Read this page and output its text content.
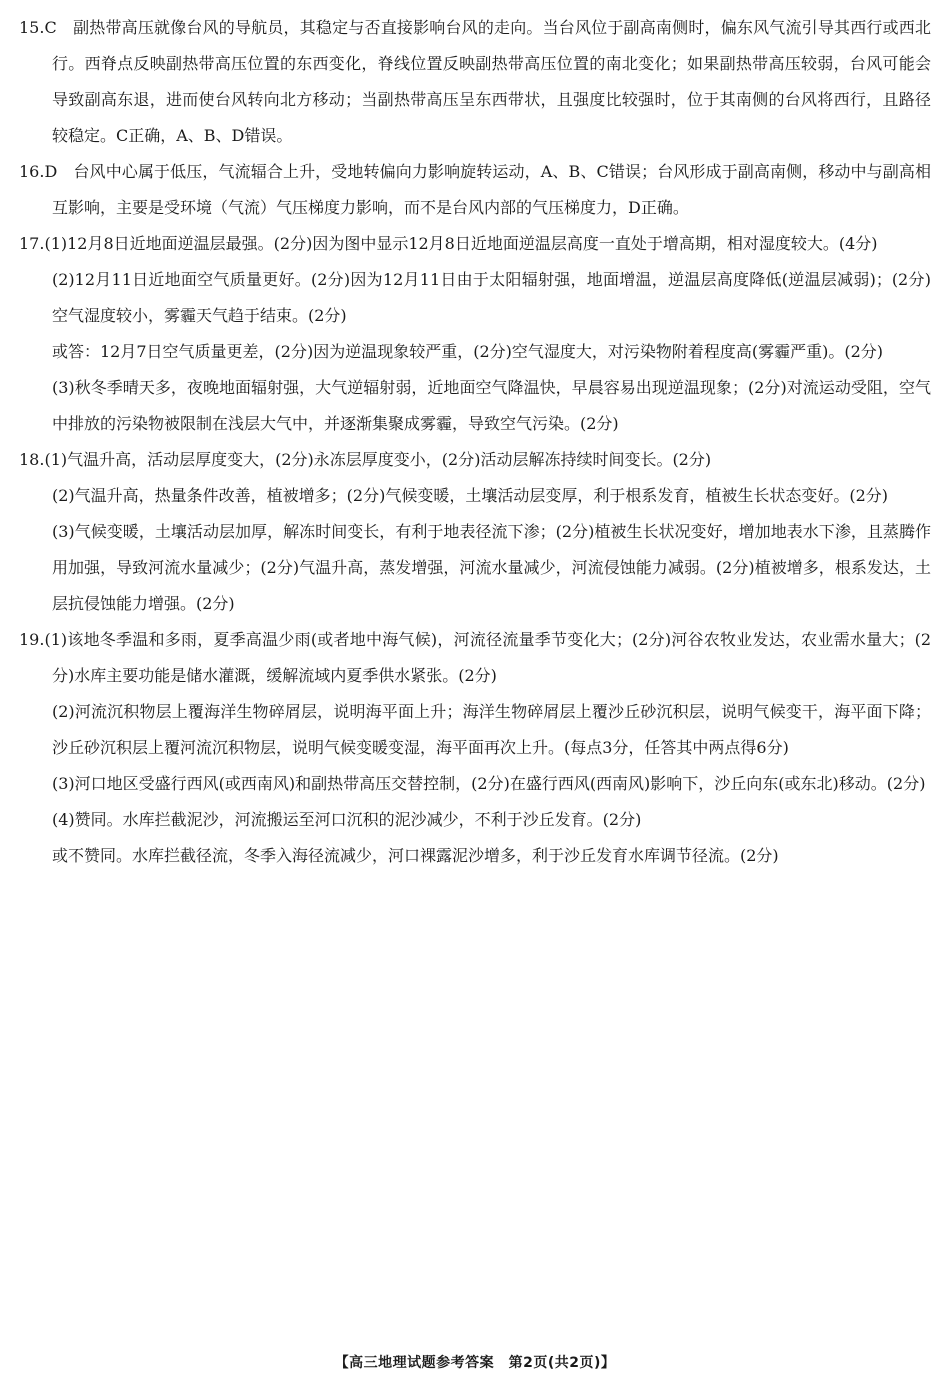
15.C　副热带高压就像台风的导航员，其稳定与否直接影响台风的走向。当台风位于副高南侧时，偏东风气流引导其西行或西北行。西脊点反映副热带高压位置的东西变化，脊线位置反映副热带高压位置的南北变化；如果副热带高压较弱，台风可能会导致副高东退，进而使台风转向北方移动；当副热带高压呈东西带状，且强度比较强时，位于其南侧的台风将西行，且路径较稳定。C正确，A、B、D错误。
16.D　台风中心属于低压，气流辐合上升，受地转偏向力影响旋转运动，A、B、C错误；台风形成于副高南侧，移动中与副高相互影响，主要是受环境（气流）气压梯度力影响，而不是台风内部的气压梯度力，D正确。
17.(1)12月8日近地面逆温层最强。(2分)因为图中显示12月8日近地面逆温层高度一直处于增高期，相对湿度较大。(4分)
(2)12月11日近地面空气质量更好。(2分)因为12月11日由于太阳辐射强，地面增温，逆温层高度降低(逆温层减弱)；(2分)空气湿度较小，雾霾天气趋于结束。(2分)
或答：12月7日空气质量更差，(2分)因为逆温现象较严重，(2分)空气湿度大，对污染物附着程度高(雾霾严重)。(2分)
(3)秋冬季晴天多，夜晚地面辐射强，大气逆辐射弱，近地面空气降温快，早晨容易出现逆温现象；(2分)对流运动受阻，空气中排放的污染物被限制在浅层大气中，并逐渐集聚成雾霾，导致空气污染。(2分)
18.(1)气温升高，活动层厚度变大，(2分)永冻层厚度变小，(2分)活动层解冻持续时间变长。(2分)
(2)气温升高，热量条件改善，植被增多；(2分)气候变暖，土壤活动层变厚，利于根系发育，植被生长状态变好。(2分)
(3)气候变暖，土壤活动层加厚，解冻时间变长，有利于地表径流下渗；(2分)植被生长状况变好，增加地表水下渗，且蒸腾作用加强，导致河流水量减少；(2分)气温升高，蒸发增强，河流水量减少，河流侵蚀能力减弱。(2分)植被增多，根系发达，土层抗侵蚀能力增强。(2分)
19.(1)该地冬季温和多雨，夏季高温少雨(或者地中海气候)，河流径流量季节变化大；(2分)河谷农牧业发达，农业需水量大；(2分)水库主要功能是储水灌溉，缓解流域内夏季供水紧张。(2分)
(2)河流沉积物层上覆海洋生物碎屑层，说明海平面上升；海洋生物碎屑层上覆沙丘砂沉积层，说明气候变干，海平面下降；沙丘砂沉积层上覆河流沉积物层，说明气候变暖变湿，海平面再次上升。(每点3分，任答其中两点得6分)
(3)河口地区受盛行西风(或西南风)和副热带高压交替控制，(2分)在盛行西风(西南风)影响下，沙丘向东(或东北)移动。(2分)
(4)赞同。水库拦截泥沙，河流搬运至河口沉积的泥沙减少，不利于沙丘发育。(2分)
或不赞同。水库拦截径流，冬季入海径流减少，河口裸露泥沙增多，利于沙丘发育水库调节径流。(2分)
【高三地理试题参考答案　第2页(共2页)】
